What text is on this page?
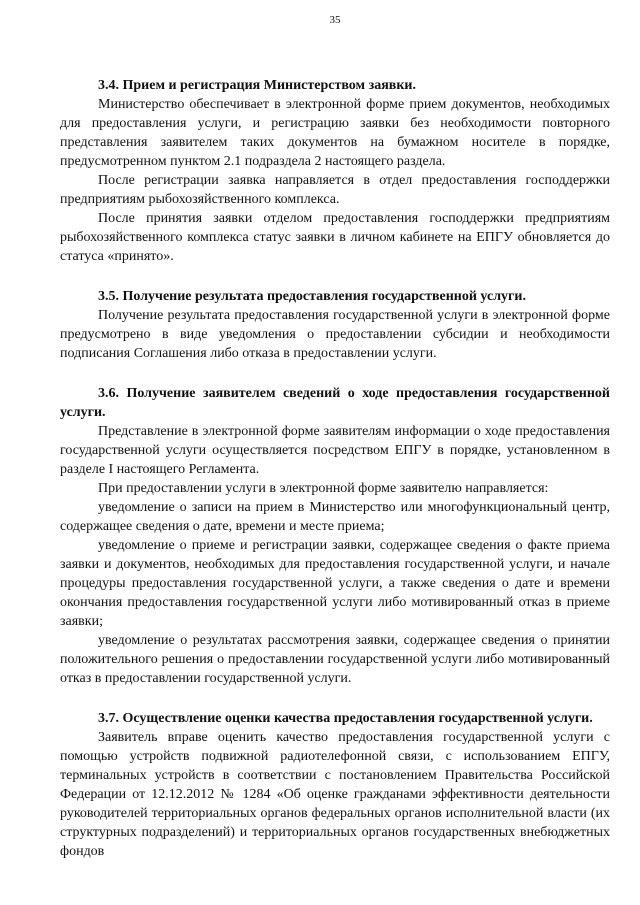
35
3.4. Прием и регистрация Министерством заявки.

Министерство обеспечивает в электронной форме прием документов, необходимых для предоставления услуги, и регистрацию заявки без необходимости повторного представления заявителем таких документов на бумажном носителе в порядке, предусмотренном пунктом 2.1 подраздела 2 настоящего раздела.

После регистрации заявка направляется в отдел предоставления господдержки предприятиям рыбохозяйственного комплекса.

После принятия заявки отделом предоставления господдержки предприятиям рыбохозяйственного комплекса статус заявки в личном кабинете на ЕПГУ обновляется до статуса «принято».

3.5. Получение результата предоставления государственной услуги.

Получение результата предоставления государственной услуги в электронной форме предусмотрено в виде уведомления о предоставлении субсидии и необходимости подписания Соглашения либо отказа в предоставлении услуги.

3.6. Получение заявителем сведений о ходе предоставления государственной услуги.

Представление в электронной форме заявителям информации о ходе предоставления государственной услуги осуществляется посредством ЕПГУ в порядке, установленном в разделе I настоящего Регламента.

При предоставлении услуги в электронной форме заявителю направляется:

уведомление о записи на прием в Министерство или многофункциональный центр, содержащее сведения о дате, времени и месте приема;

уведомление о приеме и регистрации заявки, содержащее сведения о факте приема заявки и документов, необходимых для предоставления государственной услуги, и начале процедуры предоставления государственной услуги, а также сведения о дате и времени окончания предоставления государственной услуги либо мотивированный отказ в приеме заявки;

уведомление о результатах рассмотрения заявки, содержащее сведения о принятии положительного решения о предоставлении государственной услуги либо мотивированный отказ в предоставлении государственной услуги.

3.7. Осуществление оценки качества предоставления государственной услуги.

Заявитель вправе оценить качество предоставления государственной услуги с помощью устройств подвижной радиотелефонной связи, с использованием ЕПГУ, терминальных устройств в соответствии с постановлением Правительства Российской Федерации от 12.12.2012 № 1284 «Об оценке гражданами эффективности деятельности руководителей территориальных органов федеральных органов исполнительной власти (их структурных подразделений) и территориальных органов государственных внебюджетных фондов
